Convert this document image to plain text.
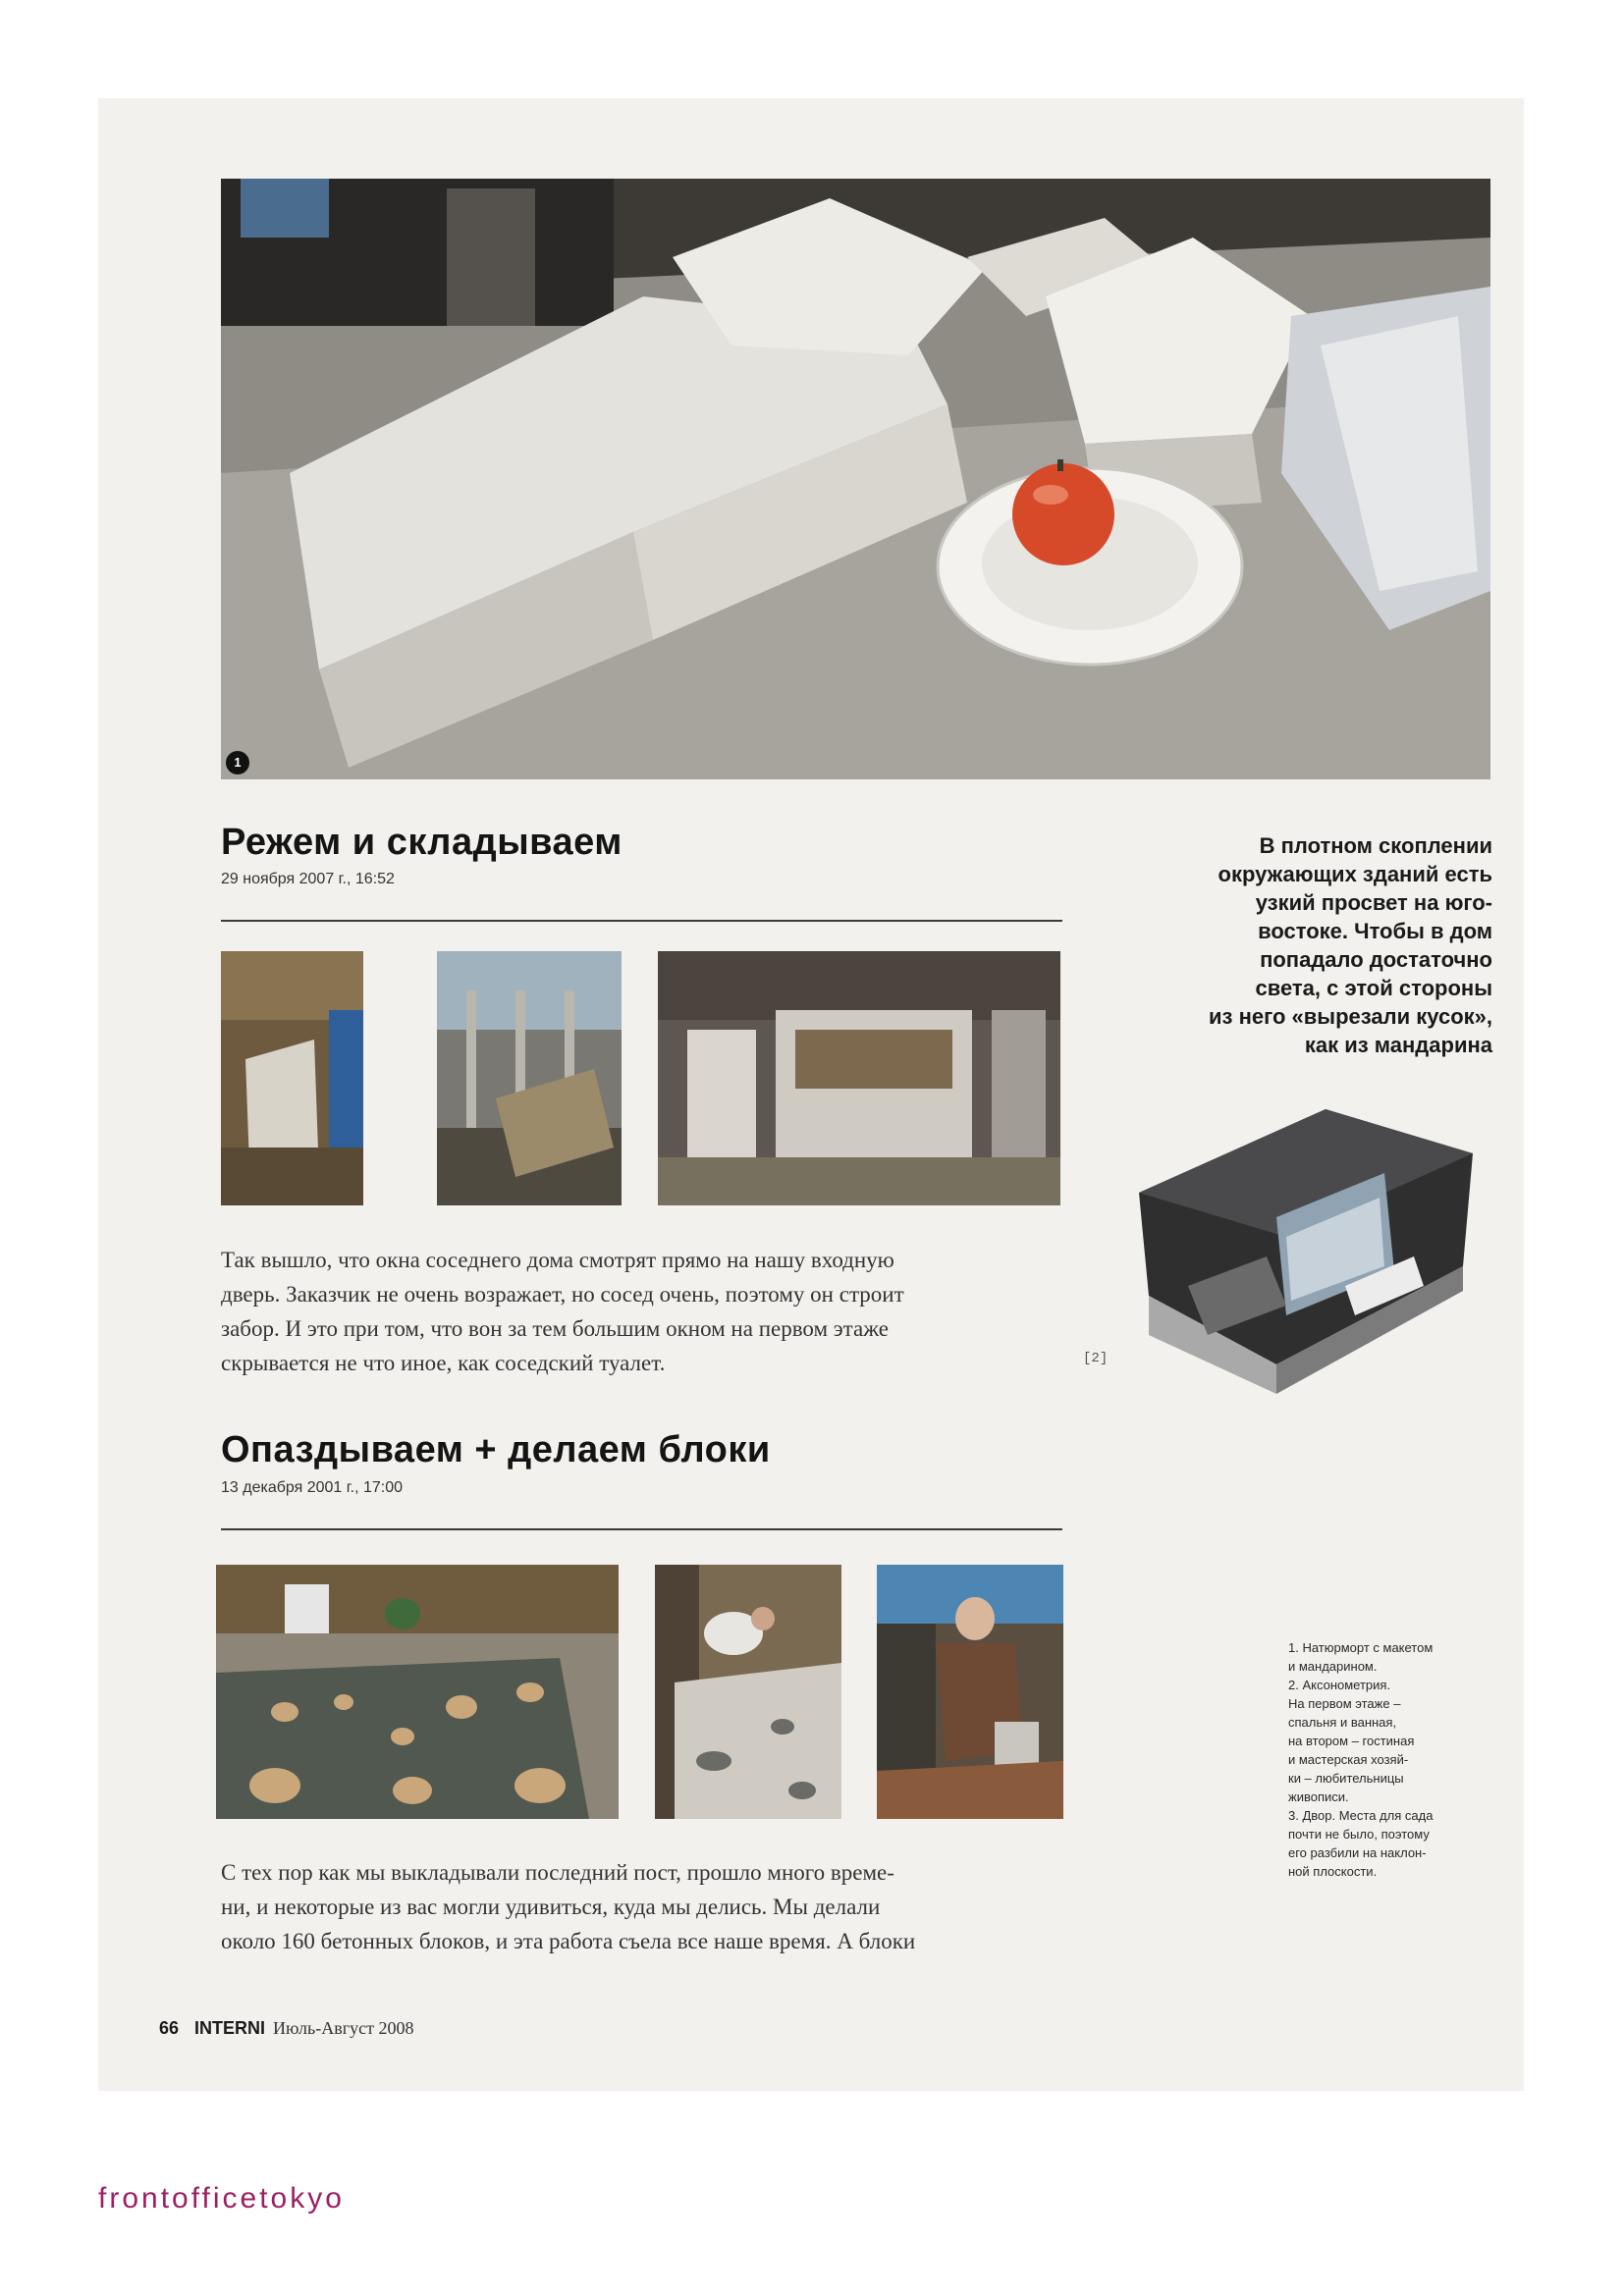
1
Режем и складываем
29 ноября 2007 г., 16:52

Так вышло, что окна соседнего дома смотрят прямо на нашу входную
дверь. Заказчик не очень возражает, но сосед очень, поэтому он строит
забор. И это при том, что вон за тем большим окном на первом этаже
скрывается не что иное, как соседский туалет.

В плотном скоплении
окружающих зданий есть
узкий просвет на юго-
востоке. Чтобы в дом
попадало достаточно
света, с этой стороны
из него «вырезали кусок»,
как из мандарина
[2]
Опаздываем + делаем блоки
13 декабря 2001 г., 17:00

С тех пор как мы выкладывали последний пост, прошло много време-
ни, и некоторые из вас могли удивиться, куда мы делись. Мы делали
около 160 бетонных блоков, и эта работа съела все наше время. А блоки

1. Натюрморт с макетом
и мандарином.
2. Аксонометрия.
На первом этаже –
спальня и ванная,
на втором – гостиная
и мастерская хозяй-
ки – любительницы
живописи.
3. Двор. Места для сада
почти не было, поэтому
его разбили на наклон-
ной плоскости.
66 INTERNI Июль-Август 2008
frontofficetokyo
